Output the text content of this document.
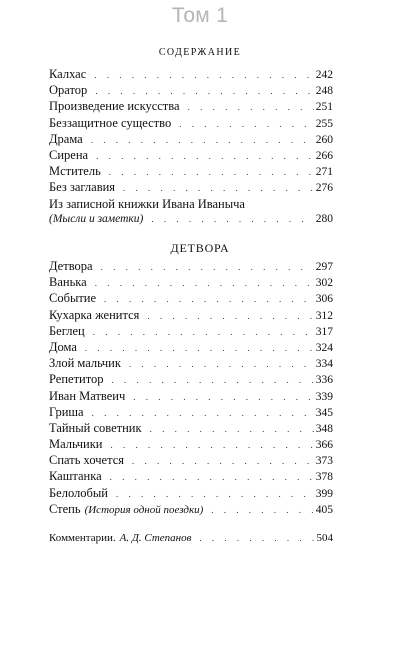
Том 1
СОДЕРЖАНИЕ
Калхас . . .	242
Оратор . . .	248
Произведение искусства . . .	251
Беззащитное существо . . .	255
Драма . . .	260
Сирена . . .	266
Мститель . . .	271
Без заглавия . . .	276
Из записной книжки Ивана Иваныча
(Мысли и заметки) . . .	280
ДЕТВОРА
Детвора . . .	297
Ванька . . .	302
Событие . . .	306
Кухарка женится . . .	312
Беглец . . .	317
Дома . . .	324
Злой мальчик . . .	334
Репетитор . . .	336
Иван Матвеич . . .	339
Гриша . . .	345
Тайный советник . . .	348
Мальчики . . .	366
Спать хочется . . .	373
Каштанка . . .	378
Белолобый . . .	399
Степь (История одной поездки) . . .	405
Комментарии. А. Д. Степанов . . .	504
